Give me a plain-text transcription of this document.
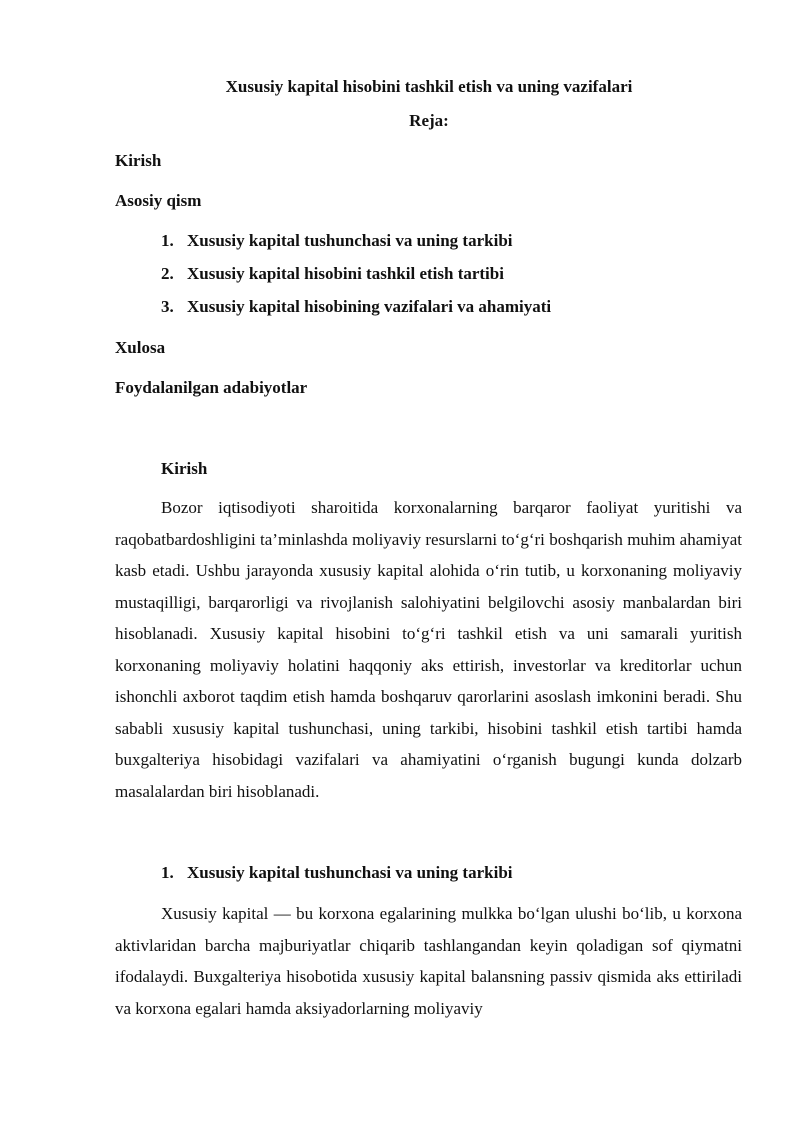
Xususiy kapital hisobini tashkil etish va uning vazifalari
Reja:
Kirish
Asosiy qism
1. Xususiy kapital tushunchasi va uning tarkibi
2. Xususiy kapital hisobini tashkil etish tartibi
3. Xususiy kapital hisobining vazifalari va ahamiyati
Xulosa
Foydalanilgan adabiyotlar
Kirish
Bozor iqtisodiyoti sharoitida korxonalarning barqaror faoliyat yuritishi va raqobatbardoshligini ta’minlashda moliyaviy resurslarni to‘g‘ri boshqarish muhim ahamiyat kasb etadi. Ushbu jarayonda xususiy kapital alohida o‘rin tutib, u korxonaning moliyaviy mustaqilligi, barqarorligi va rivojlanish salohiyatini belgilovchi asosiy manbalardan biri hisoblanadi. Xususiy kapital hisobini to‘g‘ri tashkil etish va uni samarali yuritish korxonaning moliyaviy holatini haqqoniy aks ettirish, investorlar va kreditorlar uchun ishonchli axborot taqdim etish hamda boshqaruv qarorlarini asoslash imkonini beradi. Shu sababli xususiy kapital tushunchasi, uning tarkibi, hisobini tashkil etish tartibi hamda buxgalteriya hisobidagi vazifalari va ahamiyatini o‘rganish bugungi kunda dolzarb masalalardan biri hisoblanadi.
1. Xususiy kapital tushunchasi va uning tarkibi
Xususiy kapital — bu korxona egalarining mulkka bo‘lgan ulushi bo‘lib, u korxona aktivlaridan barcha majburiyatlar chiqarib tashlangandan keyin qoladigan sof qiymatni ifodalaydi. Buxgalteriya hisobotida xususiy kapital balansning passiv qismida aks ettiriladi va korxona egalari hamda aksiyadorlarning moliyaviy
